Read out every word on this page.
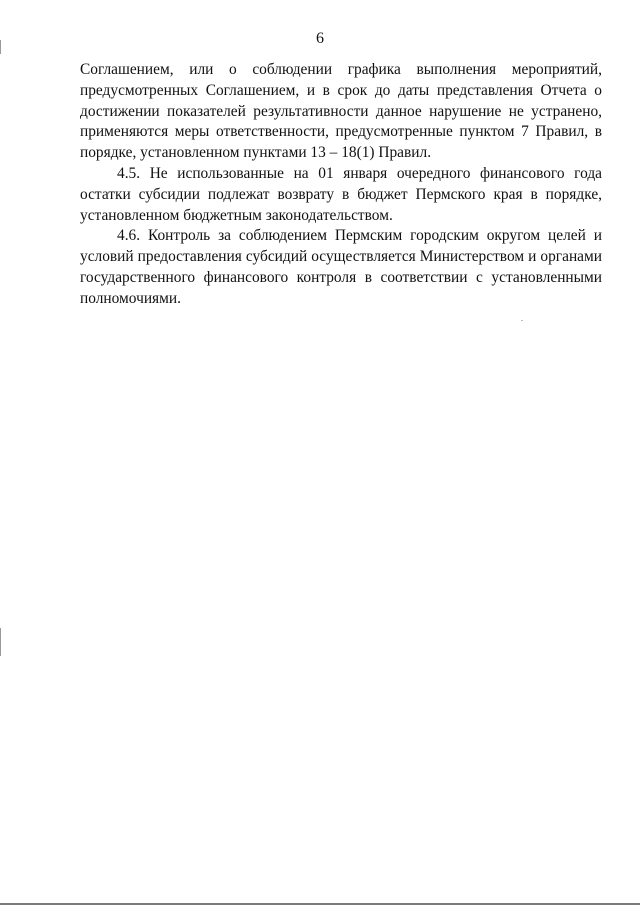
6

Соглашением, или о соблюдении графика выполнения мероприятий, предусмотренных Соглашением, и в срок до даты представления Отчета о достижении показателей результативности данное нарушение не устранено, применяются меры ответственности, предусмотренные пунктом 7 Правил, в порядке, установленном пунктами 13 – 18(1) Правил.

4.5. Не использованные на 01 января очередного финансового года остатки субсидии подлежат возврату в бюджет Пермского края в порядке, установленном бюджетным законодательством.

4.6. Контроль за соблюдением Пермским городским округом целей и условий предоставления субсидий осуществляется Министерством и органами государственного финансового контроля в соответствии с установленными полномочиями.
